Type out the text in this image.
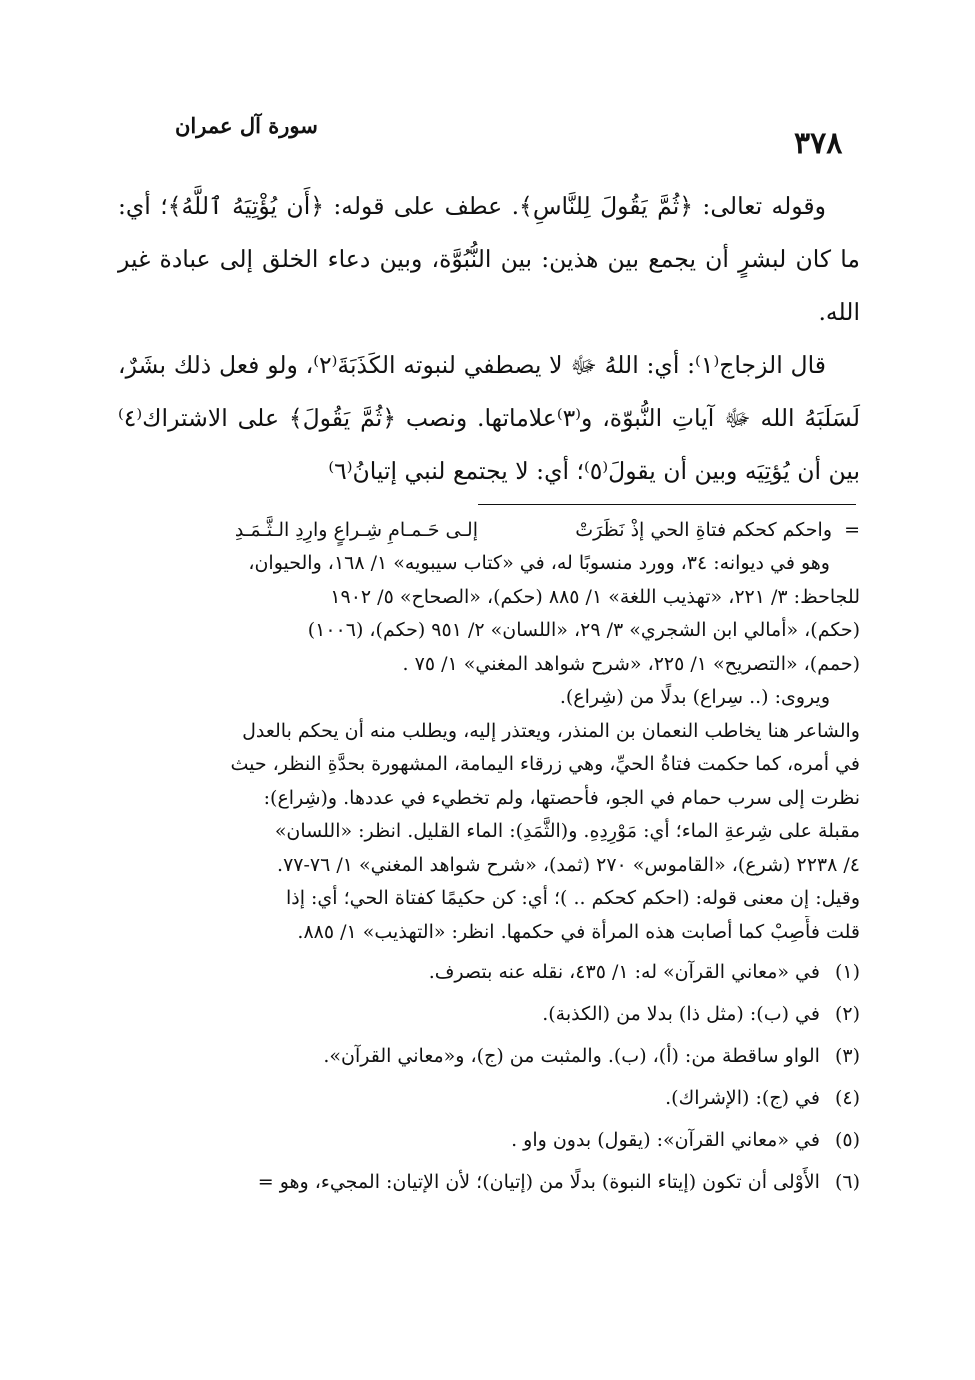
سورة آل عمران
٣٧٨

وقوله تعالى: ﴿ثُمَّ يَقُولَ لِلنَّاسِ﴾. عطف على قوله: ﴿أَن يُؤْتِيَهُ ٱللَّهُ﴾؛ أي: ما كان لبشرٍ أن يجمع بين هذين: بين النُّبُوَّة، وبين دعاء الخلق إلى عبادة غير الله.

قال الزجاج⁽١⁾: أي: اللهُ ﷻ لا يصطفي لنبوته الكَذَبَةَ⁽٢⁾، ولو فعل ذلك بشَرٌ، لَسَلَبَهُ الله ﷻ آياتِ النُّبوّة، و⁽٣⁾علاماتها. ونصب ﴿ثُمَّ يَقُولَ﴾ على الاشتراك⁽٤⁾ بين أن يُؤتِيَه وبين أن يقولَ⁽٥⁾؛ أي: لا يجتمع لنبي إتيانُ⁽٦⁾

=
واحكم كحكم فتاةِ الحي إذْ نَظَرَتْ
إلـى حَـمـامِ شِـراعٍ وارِدِ الـثَّـمَـدِ
وهو في ديوانه: ٣٤، وورد منسوبًا له، في «كتاب سيبويه» ١/ ١٦٨، والحيوان،
للجاحظ: ٣/ ٢٢١، «تهذيب اللغة» ١/ ٨٨٥ (حكم)، «الصحاح» ٥/ ١٩٠٢
(حكم)، «أمالي ابن الشجري» ٣/ ٢٩، «اللسان» ٢/ ٩٥١ (حكم)، (١٠٠٦)
(حمم)، «التصريح» ١/ ٢٢٥، «شرح شواهد المغني» ١/ ٧٥ .
ويروى: (.. سِراع) بدلًا من (شِراع).
والشاعر هنا يخاطب النعمان بن المنذر، ويعتذر إليه، ويطلب منه أن يحكم بالعدل
في أمره، كما حكمت فتاةُ الحيِّ، وهي زرقاء اليمامة، المشهورة بحدَّةِ النظر، حيث
نظرت إلى سرب حمام في الجو، فأحصتها، ولم تخطيء في عددها. و(شِراع):
مقبلة على شِرعةِ الماء؛ أي: مَوْرِدِهِ. و(الثَّمَدِ): الماء القليل. انظر: «اللسان»
٤/ ٢٢٣٨ (شرع)، «القاموس» ٢٧٠ (ثمد)، «شرح شواهد المغني» ١/ ٧٦-٧٧.
وقيل: إن معنى قوله: (احكم كحكم .. )؛ أي: كن حكيمًا كفتاة الحي؛ أي: إذا
قلت فأَصِبْ كما أصابت هذه المرأة في حكمها. انظر: «التهذيب» ١/ ٨٨٥.
(١) في «معاني القرآن» له: ١/ ٤٣٥، نقله عنه بتصرف.
(٢) في (ب): (مثل ذا) بدلا من (الكذبة).
(٣) الواو ساقطة من: (أ)، (ب). والمثبت من (ج)، و«معاني القرآن».
(٤) في (ج): (الإشراك).
(٥) في «معاني القرآن»: (يقول) بدون واو .
(٦) الأَوْلى أن تكون (إيتاء النبوة) بدلًا من (إتيان)؛ لأن الإتيان: المجيء، وهو =
